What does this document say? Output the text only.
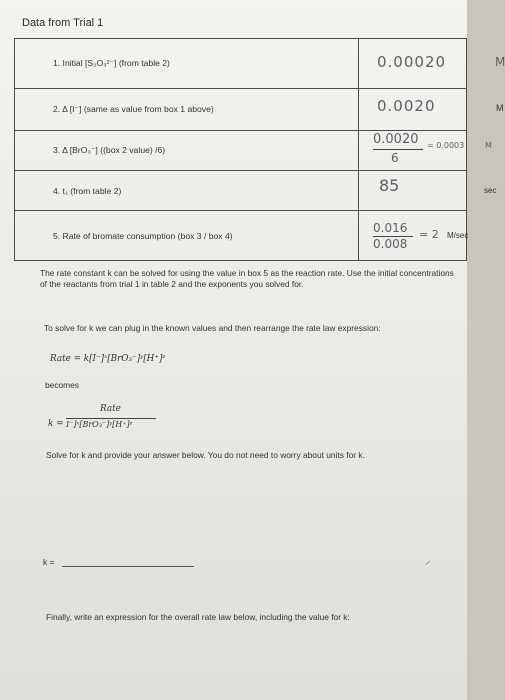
Data from Trial 1
1. Initial [S₂O₃²⁻] (from table 2)	0.00020 M

2. Δ [I⁻] (same as value from box 1 above)	0.0020 M

3. Δ [BrO₃⁻] ((box 2 value) /6)	0.0020
6
= 0.0003 M

4. t₁ (from table 2)	85 sec

5. Rate of bromate consumption (box 3 / box 4)	0.016
0.008
= 2 M/sec
The rate constant k can be solved for using the value in box 5 as the reaction rate. Use the initial concentrations of the reactants from trial 1 in table 2 and the exponents you solved for.
To solve for k we can plug in the known values and then rearrange the rate law expression:
Rate = k[I⁻]ˣ[BrO₃⁻]ʸ[H⁺]ᶻ
becomes
k =
Rate
I⁻]ˣ[BrO₃⁻]ʸ[H⁺]ᶻ
Solve for k and provide your answer below. You do not need to worry about units for k.
k =	⸝
Finally, write an expression for the overall rate law below, including the value for k:
